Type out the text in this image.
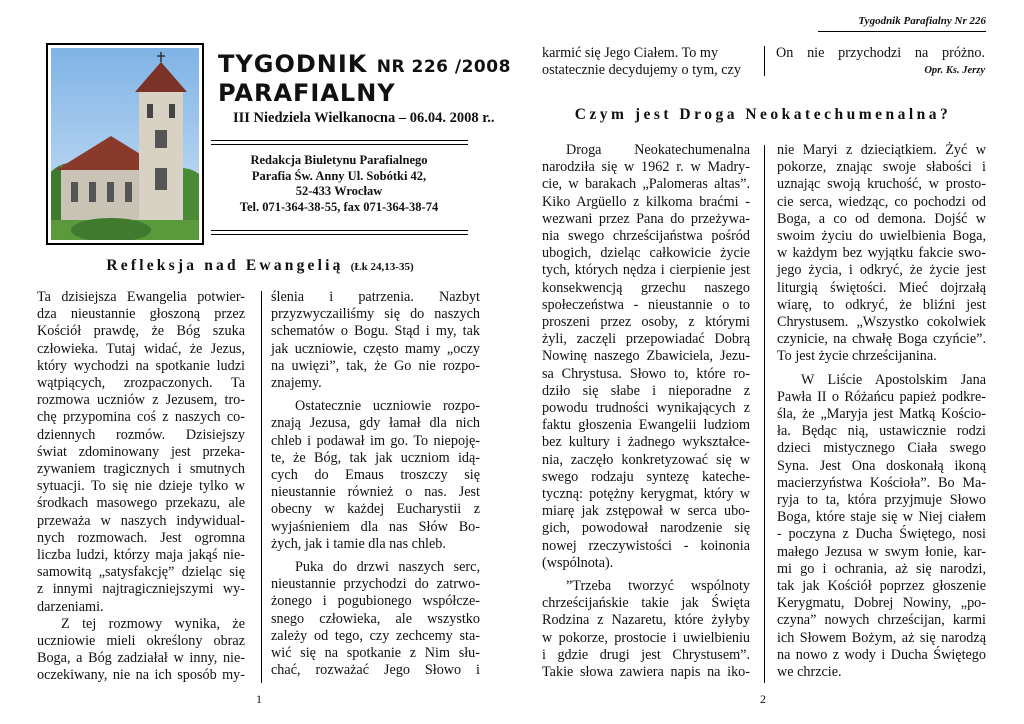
Tygodnik Parafialny Nr 226
TYGODNIK NR 226 /2008
PARAFIALNY
III Niedziela Wielkanocna – 06.04. 2008 r..
Redakcja Biuletynu Parafialnego
Parafia Św. Anny Ul. Sobótki 42,
52-433 Wrocław
Tel. 071-364-38-55, fax 071-364-38-74
Refleksja nad Ewangelią (Łk 24,13-35)
Ta dzisiejsza Ewangelia potwier-
dza nieustannie głoszoną przez
Kościół prawdę, że Bóg szuka
człowieka. Tutaj widać, że Jezus,
który wychodzi na spotkanie ludzi
wątpiących, zrozpaczonych. Ta
rozmowa uczniów z Jezusem, tro-
chę przypomina coś z naszych co-
dziennych rozmów. Dzisiejszy
świat zdominowany jest przeka-
zywaniem tragicznych i smutnych
sytuacji. To się nie dzieje tylko w
środkach masowego przekazu, ale
przeważa w naszych indywidual-
nych rozmowach. Jest ogromna
liczba ludzi, którzy maja jakąś nie-
samowitą „satysfakcję” dzieląc się
z innymi najtragiczniejszymi wy-
darzeniami.
Z tej rozmowy wynika, że
uczniowie mieli określony obraz
Boga, a Bóg zadziałał w inny, nie-
oczekiwany, nie na ich sposób my-
ślenia i patrzenia. Nazbyt
przyzwyczailiśmy się do naszych
schematów o Bogu. Stąd i my, tak
jak uczniowie, często mamy „oczy
na uwięzi”, tak, że Go nie rozpo-
znajemy.
Ostatecznie uczniowie rozpo-
znają Jezusa, gdy łamał dla nich
chleb i podawał im go. To niepoję-
te, że Bóg, tak jak uczniom idą-
cych do Emaus troszczy się
nieustannie również o nas. Jest
obecny w każdej Eucharystii z
wyjaśnieniem dla nas Słów Bo-
żych, jak i tamie dla nas chleb.
Puka do drzwi naszych serc,
nieustannie przychodzi do zatrwo-
żonego i pogubionego współcze-
snego człowieka, ale wszystko
zależy od tego, czy zechcemy sta-
wić się na spotkanie z Nim słu-
chać, rozważać Jego Słowo i
1
karmić się Jego Ciałem. To my
ostatecznie decydujemy o tym, czy
On nie przychodzi na próżno.
Opr. Ks. Jerzy
Czym jest Droga Neokatechumenalna?
Droga Neokatechumenalna
narodziła się w 1962 r. w Madry-
cie, w barakach „Palomeras altas”.
Kiko Argüello z kilkoma braćmi -
wezwani przez Pana do przeżywa-
nia swego chrześcijaństwa pośród
ubogich, dzieląc całkowicie życie
tych, których nędza i cierpienie jest
konsekwencją grzechu naszego
społeczeństwa - nieustannie o to
proszeni przez osoby, z którymi
żyli, zaczęli przepowiadać Dobrą
Nowinę naszego Zbawiciela, Jezu-
sa Chrystusa. Słowo to, które ro-
dziło się słabe i nieporadne z
powodu trudności wynikających z
faktu głoszenia Ewangelii ludziom
bez kultury i żadnego wykształce-
nia, zaczęło konkretyzować się w
swego rodzaju syntezę kateche-
tyczną: potężny kerygmat, który w
miarę jak zstępował w serca ubo-
gich, powodował narodzenie się
nowej rzeczywistości - koinonia
(wspólnota).
”Trzeba tworzyć wspólnoty
chrześcijańskie takie jak Święta
Rodzina z Nazaretu, które żyłyby
w pokorze, prostocie i uwielbieniu
i gdzie drugi jest Chrystusem”.
Takie słowa zawiera napis na iko-
nie Maryi z dzieciątkiem. Żyć w
pokorze, znając swoje słabości i
uznając swoją kruchość, w prosto-
cie serca, wiedząc, co pochodzi od
Boga, a co od demona. Dojść w
swoim życiu do uwielbienia Boga,
w każdym bez wyjątku fakcie swo-
jego życia, i odkryć, że życie jest
liturgią świętości. Mieć dojrzałą
wiarę, to odkryć, że bliźni jest
Chrystusem. „Wszystko cokolwiek
czynicie, na chwałę Boga czyńcie”.
To jest życie chrześcijanina.
W Liście Apostolskim Jana
Pawła II o Różańcu papież podkre-
śla, że „Maryja jest Matką Kościo-
ła. Będąc nią, ustawicznie rodzi
dzieci mistycznego Ciała swego
Syna. Jest Ona doskonałą ikoną
macierzyństwa Kościoła”. Bo Ma-
ryja to ta, która przyjmuje Słowo
Boga, które staje się w Niej ciałem
- poczyna z Ducha Świętego, nosi
małego Jezusa w swym łonie, kar-
mi go i ochrania, aż się narodzi,
tak jak Kościół poprzez głoszenie
Kerygmatu, Dobrej Nowiny, „po-
czyna” nowych chrześcijan, karmi
ich Słowem Bożym, aż się narodzą
na nowo z wody i Ducha Świętego
we chrzcie.
2
